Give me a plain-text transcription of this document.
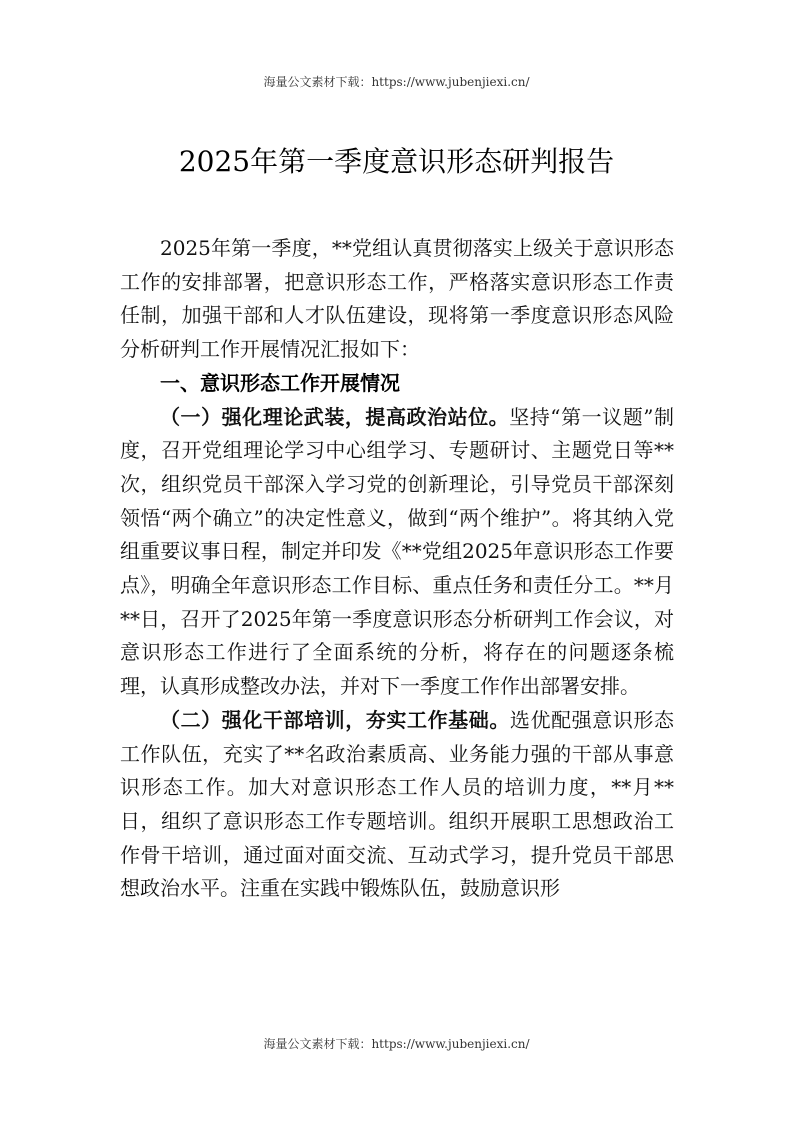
海量公文素材下载：https://www.jubenjiexi.cn/
2025年第一季度意识形态研判报告

2025年第一季度，**党组认真贯彻落实上级关于意识形态工作的安排部署，把意识形态工作，严格落实意识形态工作责任制，加强干部和人才队伍建设，现将第一季度意识形态风险分析研判工作开展情况汇报如下：

一、意识形态工作开展情况

（一）强化理论武装，提高政治站位。坚持“第一议题”制度，召开党组理论学习中心组学习、专题研讨、主题党日等**次，组织党员干部深入学习党的创新理论，引导党员干部深刻领悟“两个确立”的决定性意义，做到“两个维护”。将其纳入党组重要议事日程，制定并印发《**党组2025年意识形态工作要点》，明确全年意识形态工作目标、重点任务和责任分工。**月**日，召开了2025年第一季度意识形态分析研判工作会议，对意识形态工作进行了全面系统的分析，将存在的问题逐条梳理，认真形成整改办法，并对下一季度工作作出部署安排。

（二）强化干部培训，夯实工作基础。选优配强意识形态工作队伍，充实了**名政治素质高、业务能力强的干部从事意识形态工作。加大对意识形态工作人员的培训力度，**月**日，组织了意识形态工作专题培训。组织开展职工思想政治工作骨干培训，通过面对面交流、互动式学习，提升党员干部思想政治水平。注重在实践中锻炼队伍，鼓励意识形

海量公文素材下载：https://www.jubenjiexi.cn/
